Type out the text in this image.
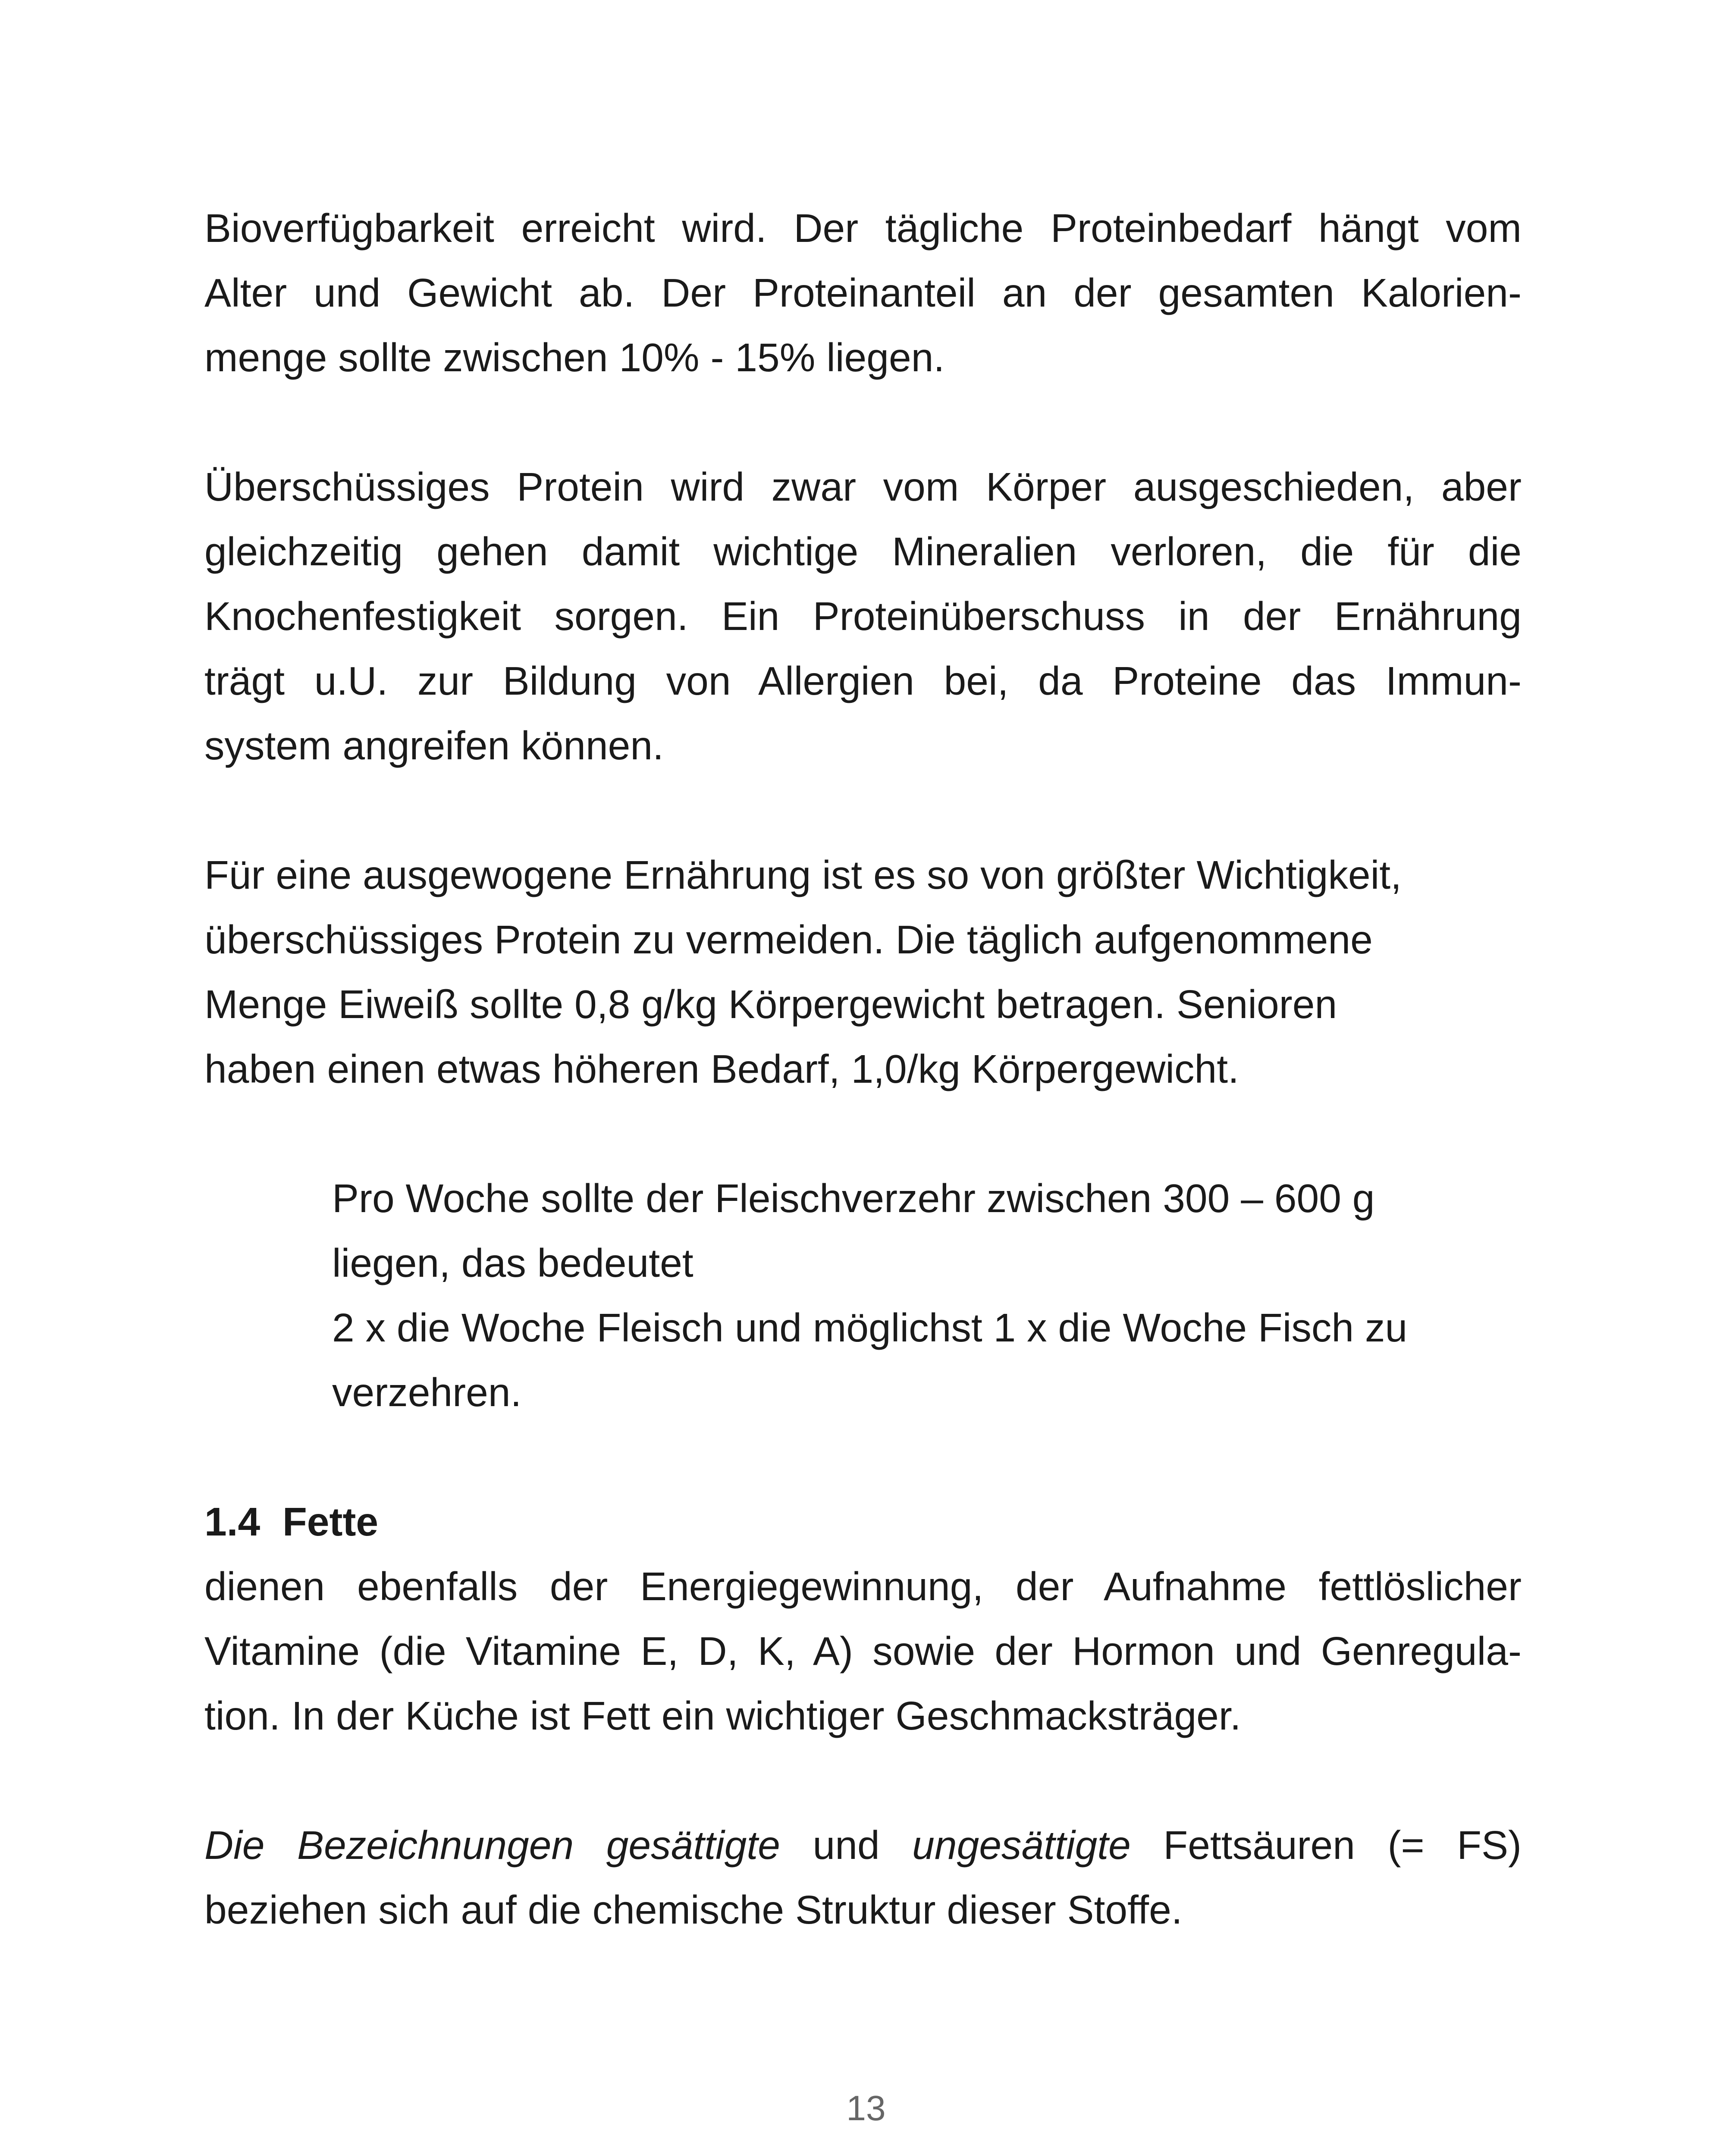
Bioverfügbarkeit erreicht wird. Der tägliche Proteinbedarf hängt vom
Alter und Gewicht ab. Der Proteinanteil an der gesamten Kalorien-
menge sollte zwischen 10% - 15% liegen.
Überschüssiges Protein wird zwar vom Körper ausgeschieden, aber
gleichzeitig gehen damit wichtige Mineralien verloren, die für die
Knochenfestigkeit sorgen. Ein Proteinüberschuss in der Ernährung
trägt u.U. zur Bildung von Allergien bei, da Proteine das Immun-
system angreifen können.
Für eine ausgewogene Ernährung ist es so von größter Wichtigkeit,
überschüssiges Protein zu vermeiden. Die täglich aufgenommene
Menge Eiweiß sollte 0,8 g/kg Körpergewicht betragen. Senioren
haben einen etwas höheren Bedarf, 1,0/kg Körpergewicht.
Pro Woche sollte der Fleischverzehr zwischen 300 – 600 g
liegen, das bedeutet
2 x die Woche Fleisch und möglichst 1 x die Woche Fisch zu
verzehren.
1.4  Fette
dienen ebenfalls der Energiegewinnung, der Aufnahme fettlöslicher
Vitamine (die Vitamine E, D, K, A) sowie der Hormon und Genregula-
tion. In der Küche ist Fett ein wichtiger Geschmacksträger.
Die Bezeichnungen gesättigte und ungesättigte Fettsäuren (= FS)
beziehen sich auf die chemische Struktur dieser Stoffe.
13
